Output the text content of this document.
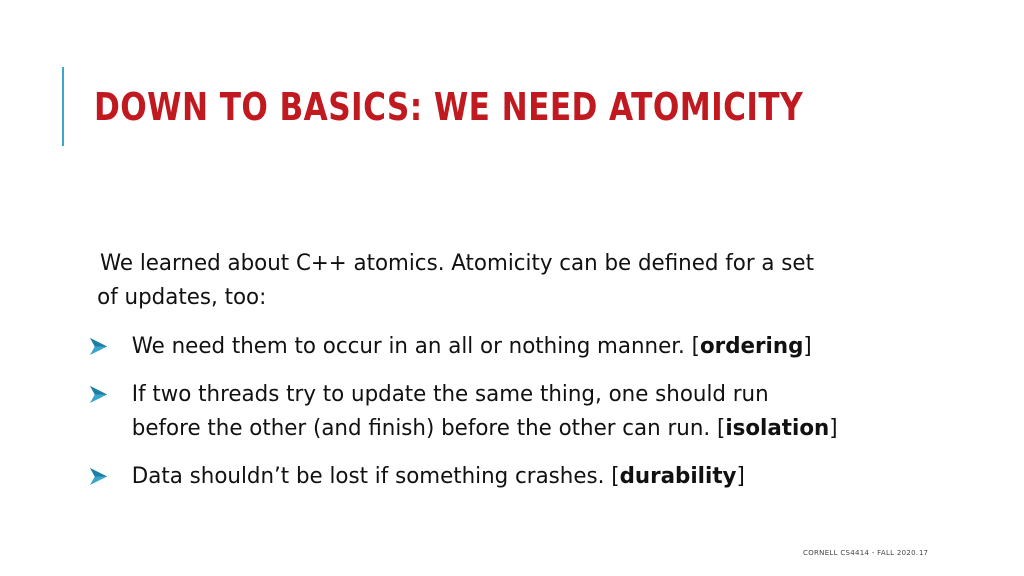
DOWN TO BASICS: WE NEED ATOMICITY

We learned about C++ atomics. Atomicity can be defined for a set

of updates, too:

We need them to occur in an all or nothing manner. [ordering]
If two threads try to update the same thing, one should run
before the other (and finish) before the other can run. [isolation]
Data shouldn’t be lost if something crashes. [durability]
CORNELL CS4414 - FALL 2020. 17
